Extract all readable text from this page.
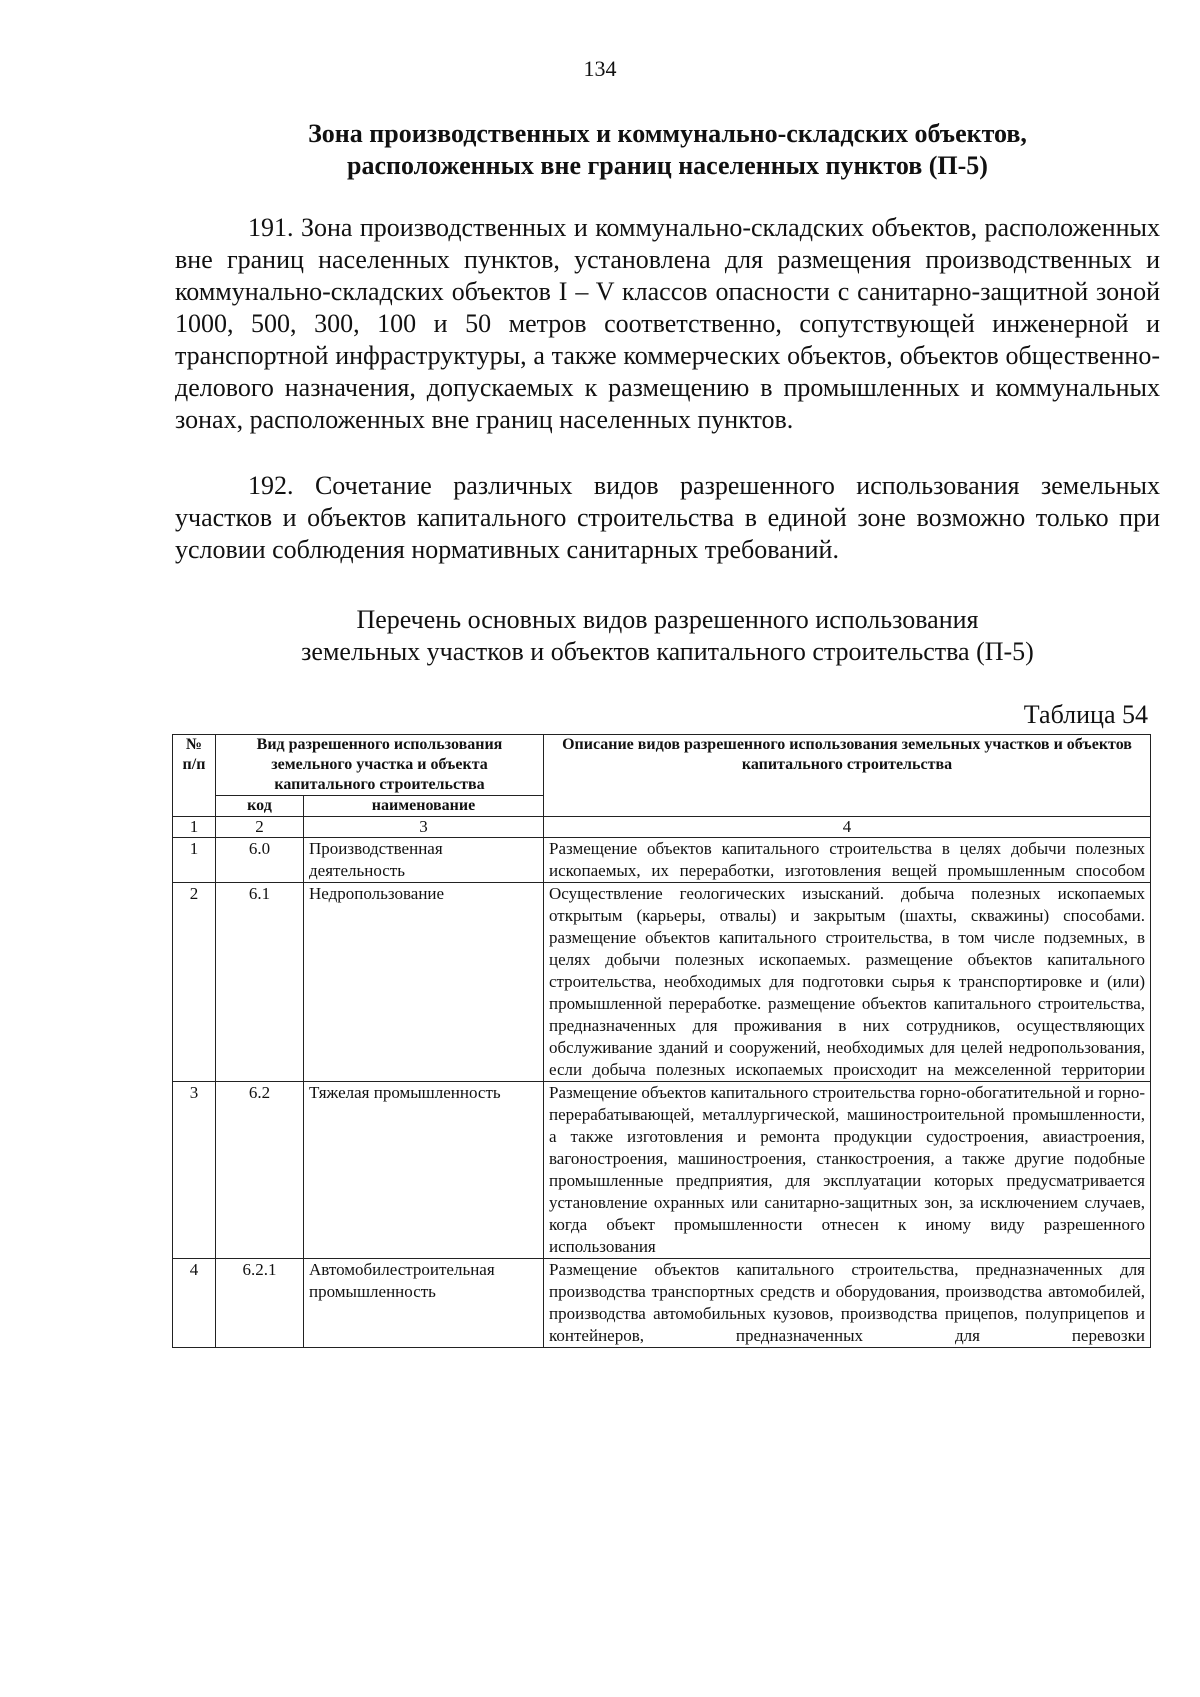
134
Зона производственных и коммунально-складских объектов,
расположенных вне границ населенных пунктов (П-5)
191. Зона производственных и коммунально-складских объектов, расположенных вне границ населенных пунктов, установлена для размещения производственных и коммунально-складских объектов I – V классов опасности с санитарно-защитной зоной 1000, 500, 300, 100 и 50 метров соответственно, сопутствующей инженерной и транспортной инфраструктуры, а также коммерческих объектов, объектов общественно-делового назначения, допускаемых к размещению в промышленных и коммунальных зонах, расположенных вне границ населенных пунктов.
192. Сочетание различных видов разрешенного использования земельных участков и объектов капитального строительства в единой зоне возможно только при условии соблюдения нормативных санитарных требований.
Перечень основных видов разрешенного использования
земельных участков и объектов капитального строительства (П-5)
Таблица 54
№ п/п	Вид разрешенного использования земельного участка и объекта капитального строительства		Описание видов разрешенного использования земельных участков и объектов капитального строительства
	код	наименование	
1	2	3	4
1	6.0	Производственная деятельность	Размещение объектов капитального строительства в целях добычи полезных ископаемых, их переработки, изготовления вещей промышленным способом
2	6.1	Недропользование	Осуществление геологических изысканий. добыча полезных ископаемых открытым (карьеры, отвалы) и закрытым (шахты, скважины) способами. размещение объектов капитального строительства, в том числе подземных, в целях добычи полезных ископаемых. размещение объектов капитального строительства, необходимых для подготовки сырья к транспортировке и (или) промышленной переработке. размещение объектов капитального строительства, предназначенных для проживания в них сотрудников, осуществляющих обслуживание зданий и сооружений, необходимых для целей недропользования, если добыча полезных ископаемых происходит на межселенной территории
3	6.2	Тяжелая промышленность	Размещение объектов капитального строительства горно-обогатительной и горно-перерабатывающей, металлургической, машиностроительной промышленности, а также изготовления и ремонта продукции судостроения, авиастроения, вагоностроения, машиностроения, станкостроения, а также другие подобные промышленные предприятия, для эксплуатации которых предусматривается установление охранных или санитарно-защитных зон, за исключением случаев, когда объект промышленности отнесен к иному виду разрешенного использования
4	6.2.1	Автомобилестроительная промышленность	Размещение объектов капитального строительства, предназначенных для производства транспортных средств и оборудования, производства автомобилей, производства автомобильных кузовов, производства прицепов, полуприцепов и контейнеров, предназначенных для перевозки
